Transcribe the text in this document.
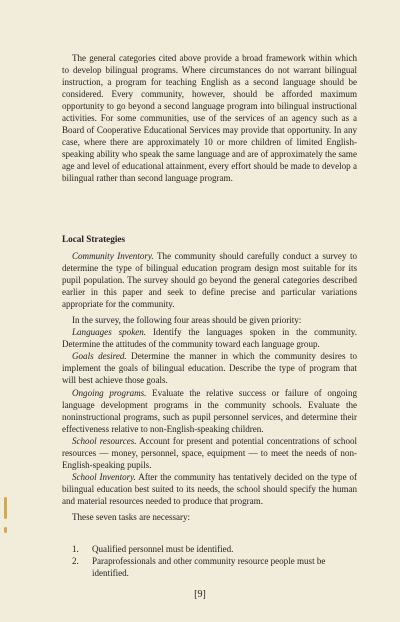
The general categories cited above provide a broad framework within which to develop bilingual programs. Where circumstances do not warrant bilingual instruction, a program for teaching English as a second language should be considered. Every community, however, should be afforded maximum opportunity to go beyond a second language program into bilingual instructional activities. For some communities, use of the services of an agency such as a Board of Cooperative Educational Services may provide that opportunity. In any case, where there are approximately 10 or more children of limited English-speaking ability who speak the same language and are of approximately the same age and level of educational attainment, every effort should be made to develop a bilingual rather than second language program.

Local Strategies

Community Inventory. The community should carefully conduct a survey to determine the type of bilingual education program design most suitable for its pupil population. The survey should go beyond the general categories described earlier in this paper and seek to define precise and particular variations appropriate for the community.

In the survey, the following four areas should be given priority:

Languages spoken. Identify the languages spoken in the community. Determine the attitudes of the community toward each language group.

Goals desired. Determine the manner in which the community desires to implement the goals of bilingual education. Describe the type of program that will best achieve those goals.

Ongoing programs. Evaluate the relative success or failure of ongoing language development programs in the community schools. Evaluate the noninstructional programs, such as pupil personnel services, and determine their effectiveness relative to non-English-speaking children.

School resources. Account for present and potential concentrations of school resources — money, personnel, space, equipment — to meet the needs of non-English-speaking pupils.

School Inventory. After the community has tentatively decided on the type of bilingual education best suited to its needs, the school should specify the human and material resources needed to produce that program.

These seven tasks are necessary:

1.	Qualified personnel must be identified.
2.	Paraprofessionals and other community resource people must be identified.
[9]
